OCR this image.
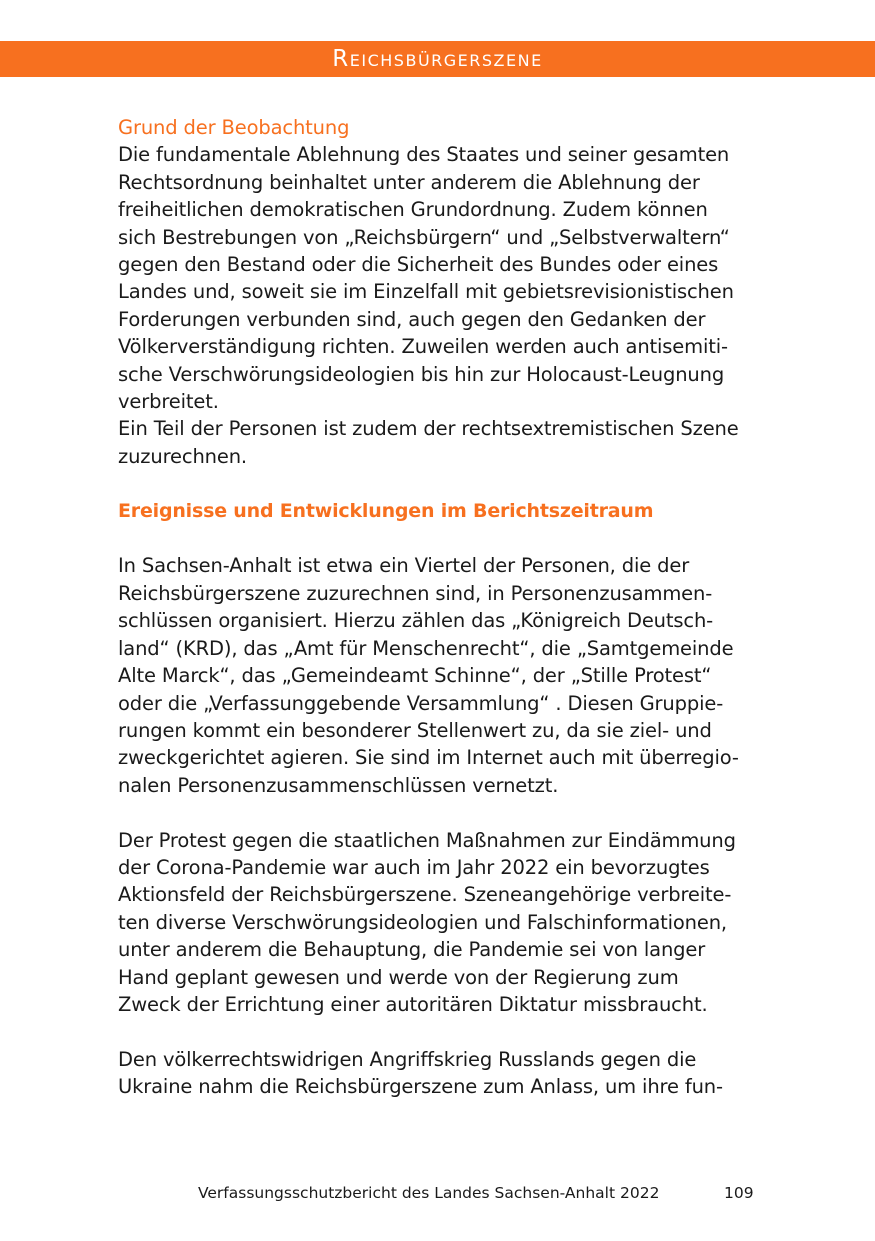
Reichsbürgerszene

Grund der Beobachtung

Die fundamentale Ablehnung des Staates und seiner gesamten

Rechtsordnung beinhaltet unter anderem die Ablehnung der

freiheitlichen demokratischen Grundordnung. Zudem können

sich Bestrebungen von „Reichsbürgern“ und „Selbstverwaltern“

gegen den Bestand oder die Sicherheit des Bundes oder eines

Landes und, soweit sie im Einzelfall mit gebietsrevisionistischen

Forderungen verbunden sind, auch gegen den Gedanken der

Völkerverständigung richten. Zuweilen werden auch antisemiti-

sche Verschwörungsideologien bis hin zur Holocaust-Leugnung

verbreitet.

Ein Teil der Personen ist zudem der rechtsextremistischen Szene

zuzurechnen.

Ereignisse und Entwicklungen im Berichtszeitraum

In Sachsen-Anhalt ist etwa ein Viertel der Personen, die der

Reichsbürgerszene zuzurechnen sind, in Personenzusammen-

schlüssen organisiert. Hierzu zählen das „Königreich Deutsch-

land“ (KRD), das „Amt für Menschenrecht“, die „Samtgemeinde

Alte Marck“, das „Gemeindeamt Schinne“, der „Stille Protest“

oder die „Verfassunggebende Versammlung“ . Diesen Gruppie-

rungen kommt ein besonderer Stellenwert zu, da sie ziel- und

zweckgerichtet agieren. Sie sind im Internet auch mit überregio-

nalen Personenzusammenschlüssen vernetzt.

Der Protest gegen die staatlichen Maßnahmen zur Eindämmung

der Corona-Pandemie war auch im Jahr 2022 ein bevorzugtes

Aktionsfeld der Reichsbürgerszene. Szeneangehörige verbreite-

ten diverse Verschwörungsideologien und Falschinformationen,

unter anderem die Behauptung, die Pandemie sei von langer

Hand geplant gewesen und werde von der Regierung zum

Zweck der Errichtung einer autoritären Diktatur missbraucht.

Den völkerrechtswidrigen Angriffskrieg Russlands gegen die

Ukraine nahm die Reichsbürgerszene zum Anlass, um ihre fun-

Verfassungsschutzbericht des Landes Sachsen-Anhalt 2022	109
